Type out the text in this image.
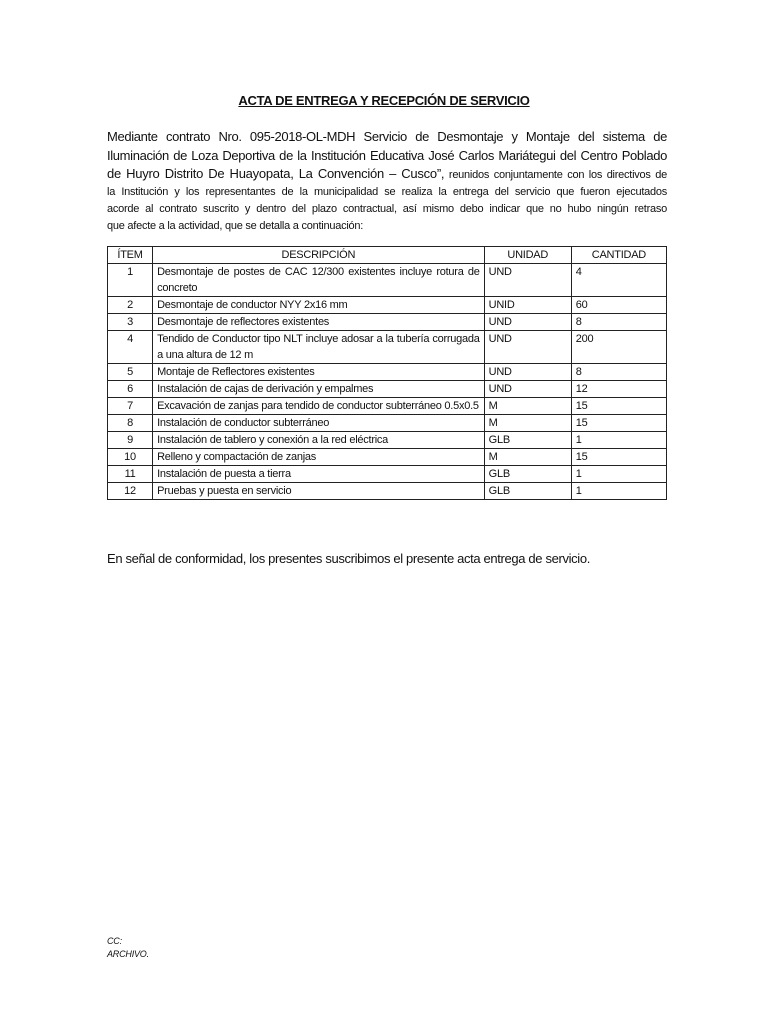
ACTA DE ENTREGA Y RECEPCIÓN DE SERVICIO
Mediante contrato Nro. 095-2018-OL-MDH Servicio de Desmontaje y Montaje del sistema de
Iluminación de Loza Deportiva de la Institución Educativa José Carlos Mariátegui del Centro Poblado
de Huyro Distrito De Huayopata, La Convención – Cusco”, reunidos conjuntamente con los directivos de
la Institución y los representantes de la municipalidad se realiza la entrega del servicio que fueron ejecutados
acorde al contrato suscrito y dentro del plazo contractual, así mismo debo indicar que no hubo ningún retraso
que afecte a la actividad, que se detalla a continuación:
ÍTEM	DESCRIPCIÓN	UNIDAD	CANTIDAD
1	Desmontaje de postes de CAC 12/300 existentes incluye rotura de concreto	UND	4
2	Desmontaje de conductor NYY 2x16 mm	UNID	60
3	Desmontaje de reflectores existentes	UND	8
4	Tendido de Conductor tipo NLT incluye adosar a la tubería corrugada a una altura de 12 m	UND	200
5	Montaje de Reflectores existentes	UND	8
6	Instalación de cajas de derivación y empalmes	UND	12
7	Excavación de zanjas para tendido de conductor subterráneo 0.5x0.5	M	15
8	Instalación de conductor subterráneo	M	15
9	Instalación de tablero y conexión a la red eléctrica	GLB	1
10	Relleno y compactación de zanjas	M	15
11	Instalación de puesta a tierra	GLB	1
12	Pruebas y puesta en servicio	GLB	1
En señal de conformidad, los presentes suscribimos el presente acta entrega de servicio.
CC:
ARCHIVO.
